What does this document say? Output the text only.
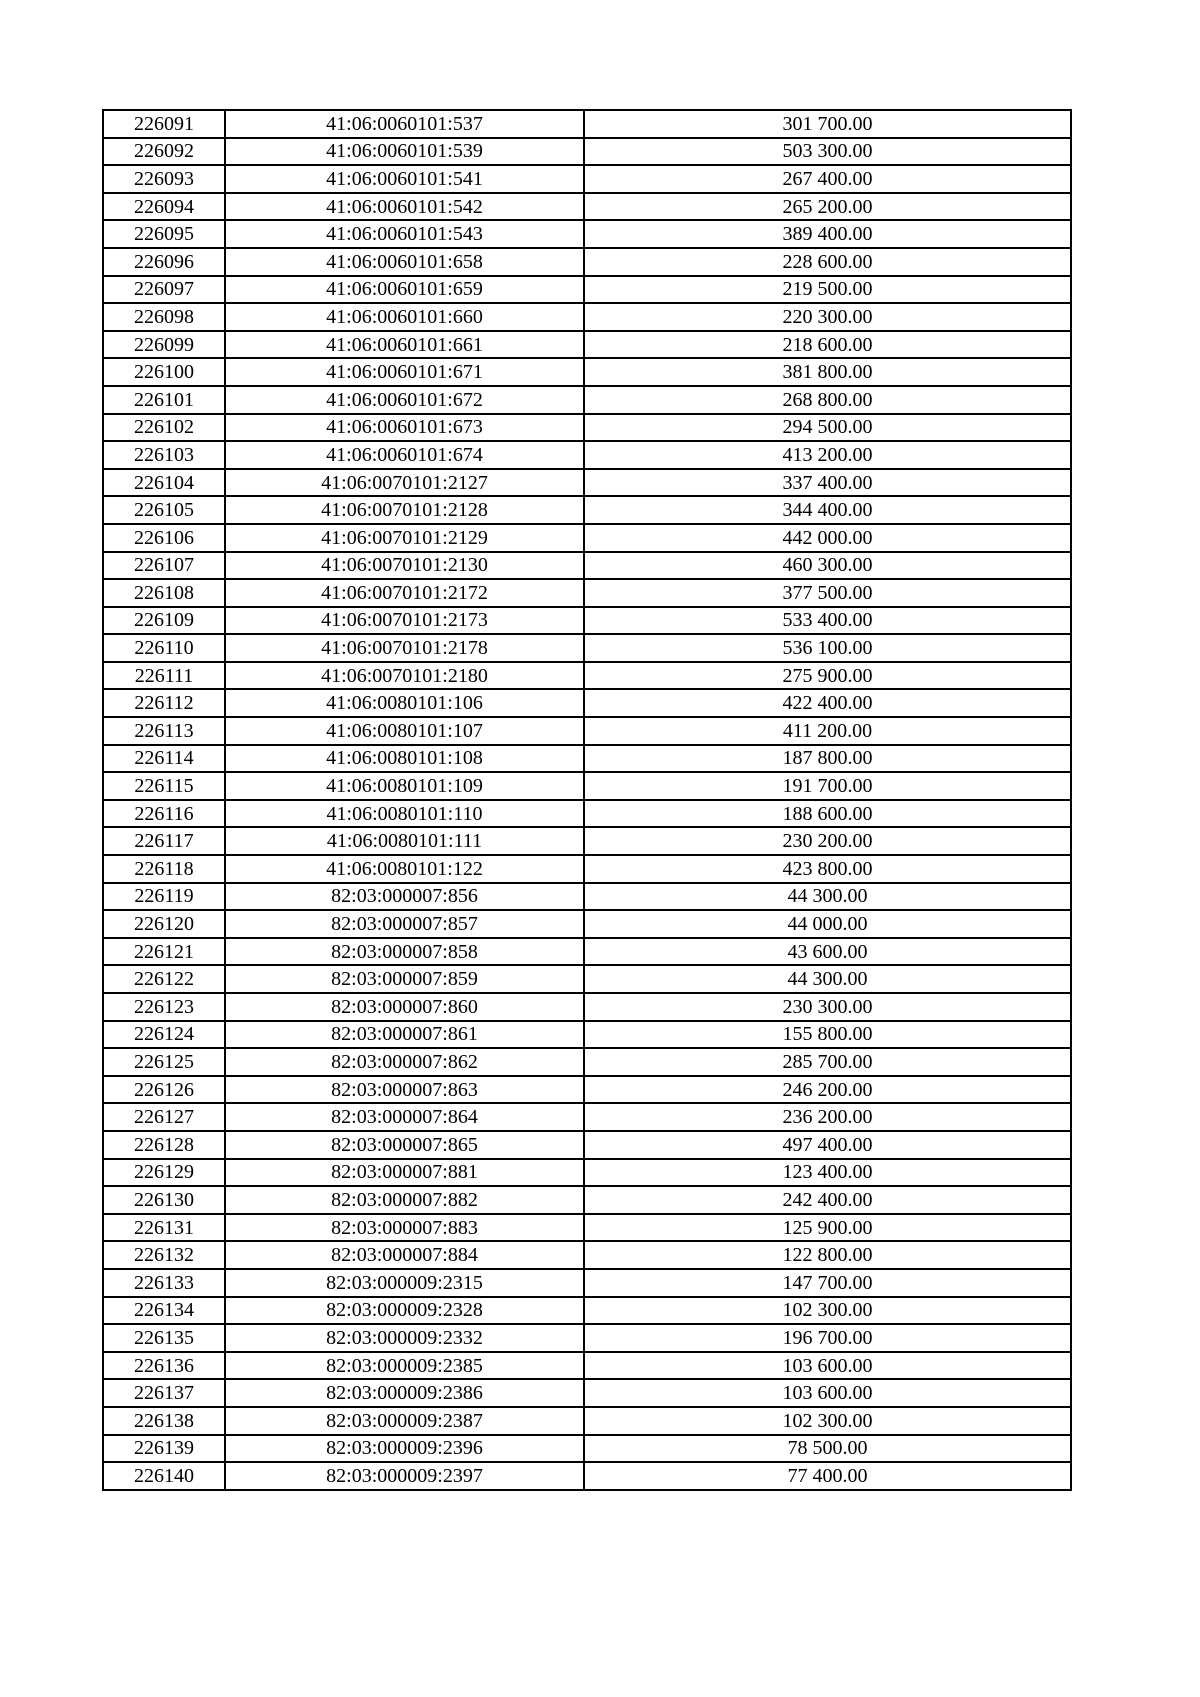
226091	41:06:0060101:537	301 700.00
226092	41:06:0060101:539	503 300.00
226093	41:06:0060101:541	267 400.00
226094	41:06:0060101:542	265 200.00
226095	41:06:0060101:543	389 400.00
226096	41:06:0060101:658	228 600.00
226097	41:06:0060101:659	219 500.00
226098	41:06:0060101:660	220 300.00
226099	41:06:0060101:661	218 600.00
226100	41:06:0060101:671	381 800.00
226101	41:06:0060101:672	268 800.00
226102	41:06:0060101:673	294 500.00
226103	41:06:0060101:674	413 200.00
226104	41:06:0070101:2127	337 400.00
226105	41:06:0070101:2128	344 400.00
226106	41:06:0070101:2129	442 000.00
226107	41:06:0070101:2130	460 300.00
226108	41:06:0070101:2172	377 500.00
226109	41:06:0070101:2173	533 400.00
226110	41:06:0070101:2178	536 100.00
226111	41:06:0070101:2180	275 900.00
226112	41:06:0080101:106	422 400.00
226113	41:06:0080101:107	411 200.00
226114	41:06:0080101:108	187 800.00
226115	41:06:0080101:109	191 700.00
226116	41:06:0080101:110	188 600.00
226117	41:06:0080101:111	230 200.00
226118	41:06:0080101:122	423 800.00
226119	82:03:000007:856	44 300.00
226120	82:03:000007:857	44 000.00
226121	82:03:000007:858	43 600.00
226122	82:03:000007:859	44 300.00
226123	82:03:000007:860	230 300.00
226124	82:03:000007:861	155 800.00
226125	82:03:000007:862	285 700.00
226126	82:03:000007:863	246 200.00
226127	82:03:000007:864	236 200.00
226128	82:03:000007:865	497 400.00
226129	82:03:000007:881	123 400.00
226130	82:03:000007:882	242 400.00
226131	82:03:000007:883	125 900.00
226132	82:03:000007:884	122 800.00
226133	82:03:000009:2315	147 700.00
226134	82:03:000009:2328	102 300.00
226135	82:03:000009:2332	196 700.00
226136	82:03:000009:2385	103 600.00
226137	82:03:000009:2386	103 600.00
226138	82:03:000009:2387	102 300.00
226139	82:03:000009:2396	78 500.00
226140	82:03:000009:2397	77 400.00
